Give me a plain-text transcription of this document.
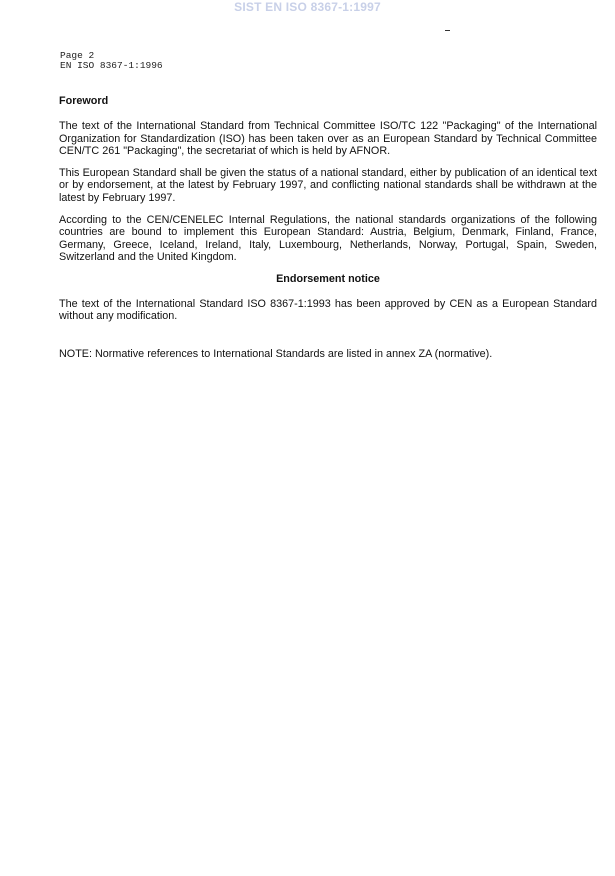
SIST EN ISO 8367-1:1997
Page 2
EN ISO 8367-1:1996
Foreword

The text of the International Standard from Technical Committee ISO/TC 122 "Packaging" of the International Organization for Standardization (ISO) has been taken over as an European Standard by Technical Committee CEN/TC 261 "Packaging", the secretariat of which is held by AFNOR.

This European Standard shall be given the status of a national standard, either by publication of an identical text or by endorsement, at the latest by February 1997, and conflicting national standards shall be withdrawn at the latest by February 1997.

According to the CEN/CENELEC Internal Regulations, the national standards organizations of the following countries are bound to implement this European Standard: Austria, Belgium, Denmark, Finland, France, Germany, Greece, Iceland, Ireland, Italy, Luxembourg, Netherlands, Norway, Portugal, Spain, Sweden, Switzerland and the United Kingdom.

Endorsement notice

The text of the International Standard ISO 8367-1:1993 has been approved by CEN as a European Standard without any modification.

NOTE: Normative references to International Standards are listed in annex ZA (normative).
